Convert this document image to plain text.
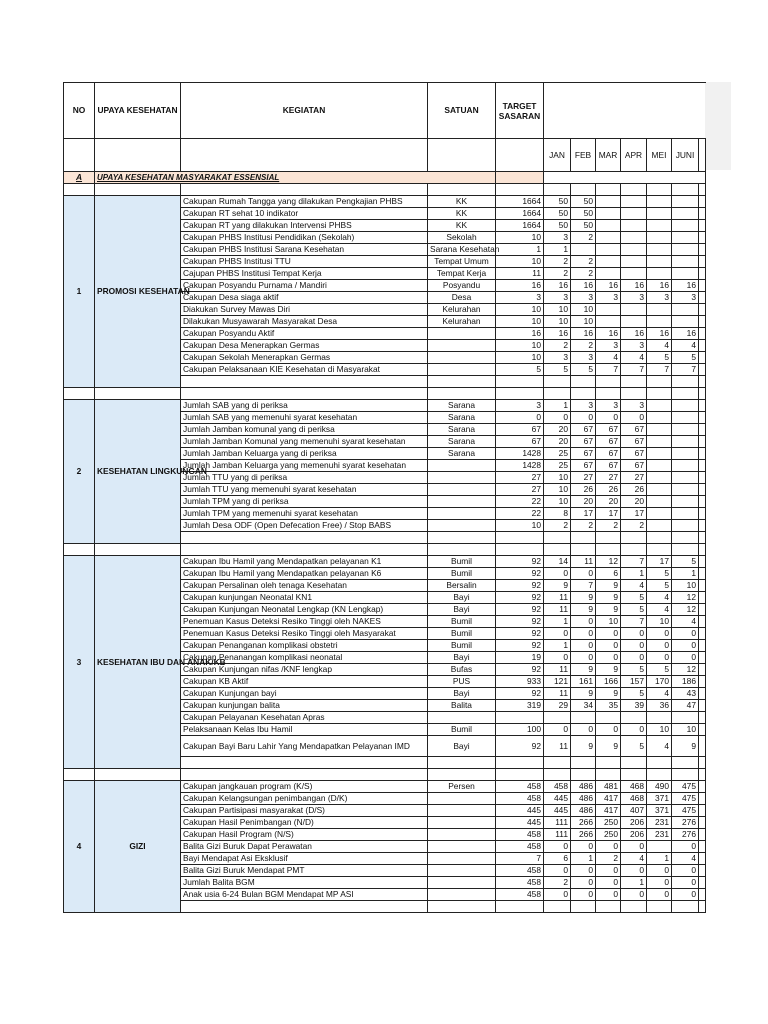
NO	UPAYA KESEHATAN	KEGIATAN	SATUAN	TARGET SASARAN							
					JAN	FEB	MAR	APR	MEI	JUNI	
A	UPAYA KESEHATAN MASYARAKAT ESSENSIAL										

1	PROMOSI KESEHATAN	Cakupan Rumah Tangga yang dilakukan Pengkajian PHBS	KK	1664	50	50					
		Cakupan RT sehat 10 indikator	KK	1664	50	50					
		Cakupan RT yang dilakukan Intervensi PHBS	KK	1664	50	50					
		Cakupan PHBS Institusi Pendidikan (Sekolah)	Sekolah	10	3	2					
		Cakupan PHBS Institusi Sarana Kesehatan	Sarana Kesehatan	1	1						
		Cakupan PHBS Institusi TTU	Tempat Umum	10	2	2					
		Cajupan PHBS Institusi Tempat Kerja	Tempat Kerja	11	2	2					
		Cakupan Posyandu Purnama / Mandiri	Posyandu	16	16	16	16	16	16	16	
		Cakupan Desa siaga aktif	Desa	3	3	3	3	3	3	3	
		Diakukan Survey Mawas Diri	Kelurahan	10	10	10					
		Dilakukan Musyawarah Masyarakat Desa	Kelurahan	10	10	10					
		Cakupan Posyandu Aktif		16	16	16	16	16	16	16	
		Cakupan Desa Menerapkan Germas		10	2	2	3	3	4	4	
		Cakupan Sekolah Menerapkan Germas		10	3	3	4	4	5	5	
		Cakupan Pelaksanaan KIE Kesehatan di Masyarakat		5	5	5	7	7	7	7	

2	KESEHATAN LINGKUNGAN	Jumlah SAB yang di periksa	Sarana	3	1	3	3	3			
		Jumlah SAB yang memenuhi syarat kesehatan	Sarana	0	0	0	0	0			
		Jumlah Jamban komunal yang di periksa	Sarana	67	20	67	67	67			
		Jumlah Jamban Komunal yang memenuhi syarat kesehatan	Sarana	67	20	67	67	67			
		Jumlah Jamban Keluarga yang di periksa	Sarana	1428	25	67	67	67			
		Jumlah Jamban Keluarga yang memenuhi syarat kesehatan		1428	25	67	67	67			
		Jumlah TTU yang di periksa		27	10	27	27	27			
		Jumlah TTU yang memenuhi syarat kesehatan		27	10	26	26	26			
		Jumlah TPM yang di periksa		22	10	20	20	20			
		Jumlah TPM yang memenuhi syarat kesehatan		22	8	17	17	17			
		Jumlah Desa ODF (Open Defecation Free) / Stop BABS		10	2	2	2	2			

3	KESEHATAN IBU DAN ANAK/KB	Cakupan Ibu Hamil yang Mendapatkan pelayanan K1	Bumil	92	14	11	12	7	17	5	
		Cakupan Ibu Hamil yang Mendapatkan pelayanan K6	Bumil	92	0	0	6	1	5	1	
		Cakupan Persalinan oleh tenaga Kesehatan	Bersalin	92	9	7	9	4	5	10	
		Cakupan kunjungan Neonatal KN1	Bayi	92	11	9	9	5	4	12	
		Cakupan Kunjungan Neonatal Lengkap (KN Lengkap)	Bayi	92	11	9	9	5	4	12	
		Penemuan Kasus Deteksi Resiko Tinggi oleh NAKES	Bumil	92	1	0	10	7	10	4	
		Penemuan Kasus Deteksi Resiko Tinggi oleh Masyarakat	Bumil	92	0	0	0	0	0	0	
		Cakupan Penanganan komplikasi obstetri	Bumil	92	1	0	0	0	0	0	
		Cakupan Penanangan komplikasi neonatal	Bayi	19	0	0	0	0	0	0	
		Cakupan Kunjungan nifas /KNF lengkap	Bufas	92	11	9	9	5	5	12	
		Cakupan KB Aktif	PUS	933	121	161	166	157	170	186	
		Cakupan Kunjungan bayi	Bayi	92	11	9	9	5	4	43	
		Cakupan kunjungan balita	Balita	319	29	34	35	39	36	47	
		Cakupan Pelayanan Kesehatan Apras									
		Pelaksanaan Kelas Ibu Hamil	Bumil	100	0	0	0	0	10	10	
		Cakupan Bayi Baru Lahir Yang Mendapatkan Pelayanan IMD	Bayi	92	11	9	9	5	4	9	

4	GIZI	Cakupan jangkauan program (K/S)	Persen	458	458	486	481	468	490	475	
		Cakupan Kelangsungan penimbangan (D/K)		458	445	486	417	468	371	475	
		Cakupan Partisipasi masyarakat (D/S)		445	445	486	417	407	371	475	
		Cakupan Hasil Penimbangan (N/D)		445	111	266	250	206	231	276	
		Cakupan Hasil Program (N/S)		458	111	266	250	206	231	276	
		Balita Gizi Buruk Dapat Perawatan		458	0	0	0	0		0	
		Bayi Mendapat Asi Eksklusif		7	6	1	2	4	1	4	
		Balita Gizi Buruk Mendapat PMT		458	0	0	0	0	0	0	
		Jumlah Balita BGM		458	2	0	0	1	0	0	
		Anak usia 6-24 Bulan BGM Mendapat MP ASI		458	0	0	0	0	0	0	
